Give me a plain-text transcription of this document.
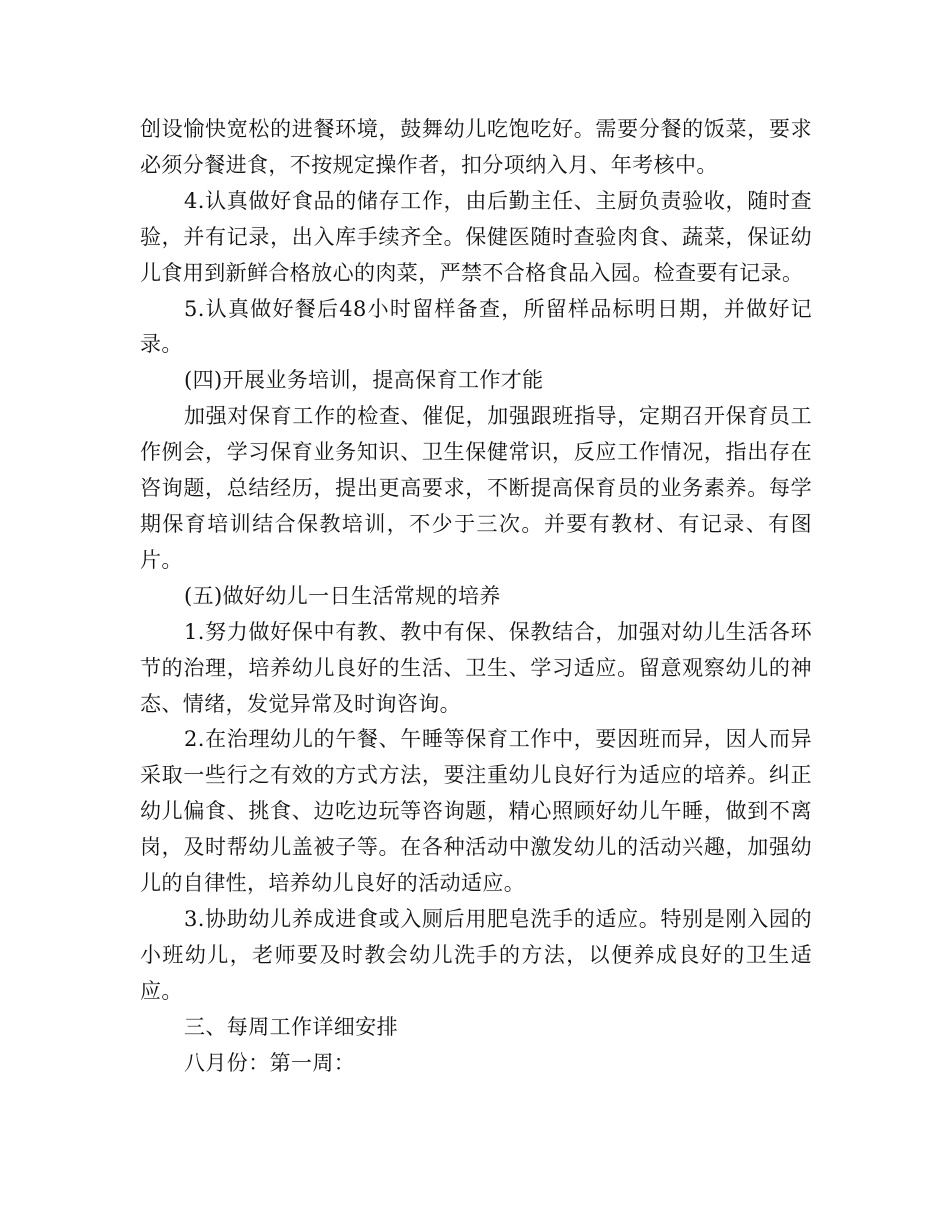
创设愉快宽松的进餐环境，鼓舞幼儿吃饱吃好。需要分餐的饭菜，要求必须分餐进食，不按规定操作者，扣分项纳入月、年考核中。

4.认真做好食品的储存工作，由后勤主任、主厨负责验收，随时查验，并有记录，出入库手续齐全。保健医随时查验肉食、蔬菜，保证幼儿食用到新鲜合格放心的肉菜，严禁不合格食品入园。检查要有记录。

5.认真做好餐后48小时留样备查，所留样品标明日期，并做好记录。

(四)开展业务培训，提高保育工作才能

加强对保育工作的检查、催促，加强跟班指导，定期召开保育员工作例会，学习保育业务知识、卫生保健常识，反应工作情况，指出存在咨询题，总结经历，提出更高要求，不断提高保育员的业务素养。每学期保育培训结合保教培训，不少于三次。并要有教材、有记录、有图片。

(五)做好幼儿一日生活常规的培养

1.努力做好保中有教、教中有保、保教结合，加强对幼儿生活各环节的治理，培养幼儿良好的生活、卫生、学习适应。留意观察幼儿的神态、情绪，发觉异常及时询咨询。

2.在治理幼儿的午餐、午睡等保育工作中，要因班而异，因人而异采取一些行之有效的方式方法，要注重幼儿良好行为适应的培养。纠正幼儿偏食、挑食、边吃边玩等咨询题，精心照顾好幼儿午睡，做到不离岗，及时帮幼儿盖被子等。在各种活动中激发幼儿的活动兴趣，加强幼儿的自律性，培养幼儿良好的活动适应。

3.协助幼儿养成进食或入厕后用肥皂洗手的适应。特别是刚入园的小班幼儿，老师要及时教会幼儿洗手的方法，以便养成良好的卫生适应。

三、每周工作详细安排

八月份：第一周：
